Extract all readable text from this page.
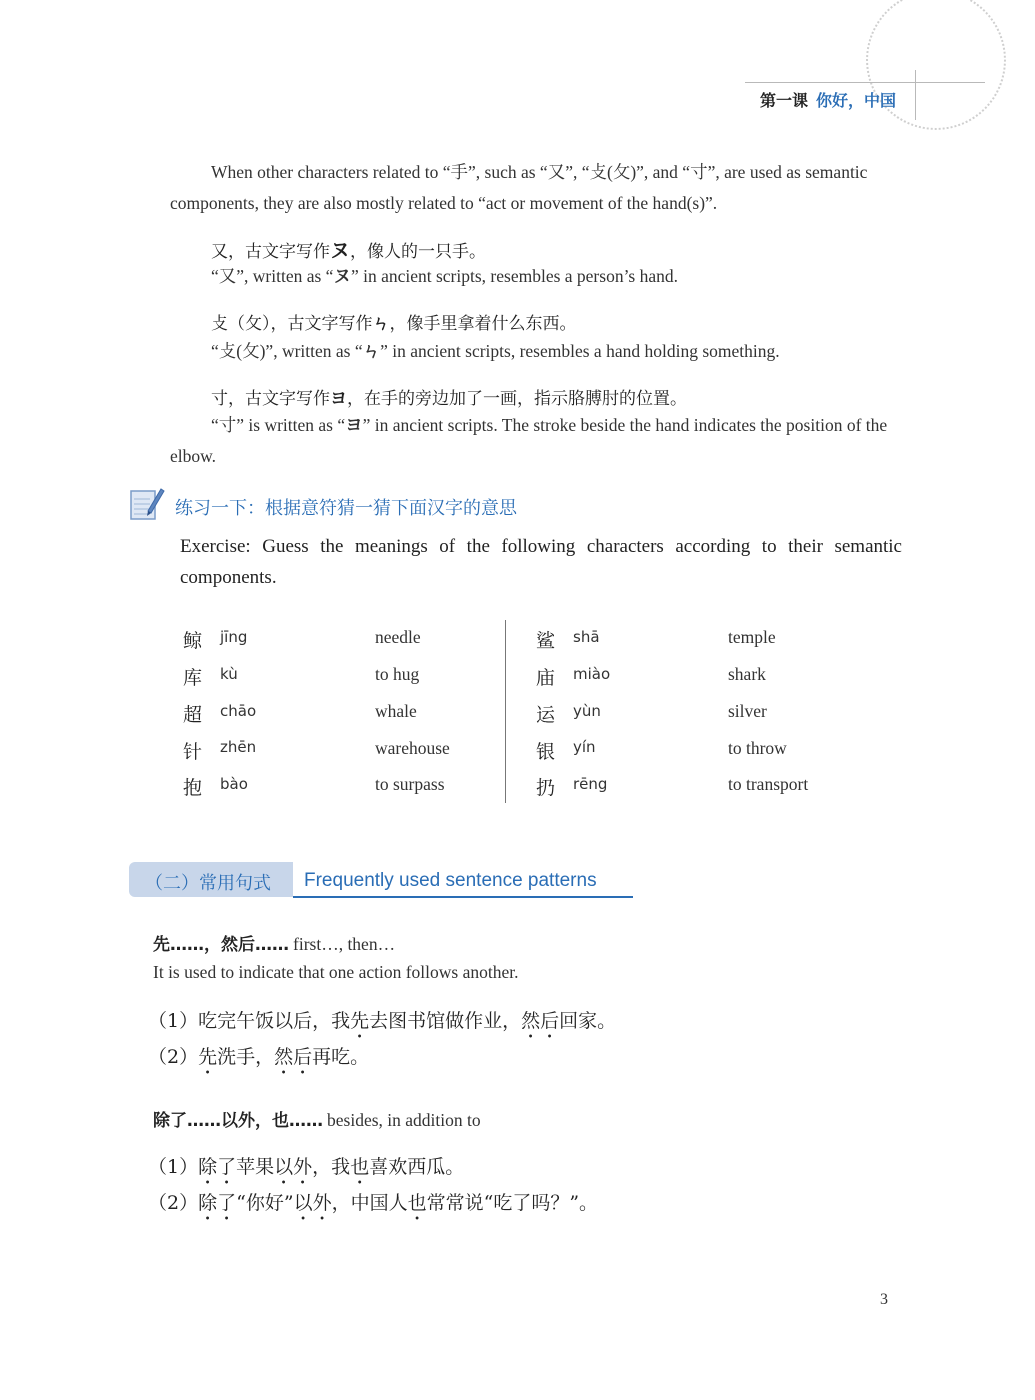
第一课 你好，中国
When other characters related to “手”, such as “又”, “攴(攵)”, and “寸”, are used as semantic
components, they are also mostly related to “act or movement of the hand(s)”.
又，古文字写作ヌ，像人的一只手。
“又”, written as “ヌ” in ancient scripts, resembles a person’s hand.
攴（攵），古文字写作ㄣ，像手里拿着什么东西。
“攴(攵)”, written as “ㄣ” in ancient scripts, resembles a hand holding something.
寸，古文字写作ヨ，在手的旁边加了一画，指示胳膊肘的位置。
“寸” is written as “ヨ” in ancient scripts. The stroke beside the hand indicates the position of the
elbow.
练习一下：根据意符猜一猜下面汉字的意思
Exercise: Guess the meanings of the following characters according to their semantic components.
鲸 jīng	needle
库 kù	to hug
超 chāo	whale
针 zhēn	warehouse
抱 bào	to surpass
鲨 shā	temple
庙 miào	shark
运 yùn	silver
银 yín	to throw
扔 rēng	to transport
（二）常用句式 Frequently used sentence patterns
先……，然后…… first…, then…
It is used to indicate that one action follows another.
（1）吃完午饭以后，我先去图书馆做作业，然后回家。
（2）先洗手，然后再吃。
除了……以外，也…… besides, in addition to
（1）除了苹果以外，我也喜欢西瓜。
（2）除了“你好”以外，中国人也常常说“吃了吗？”。
3
